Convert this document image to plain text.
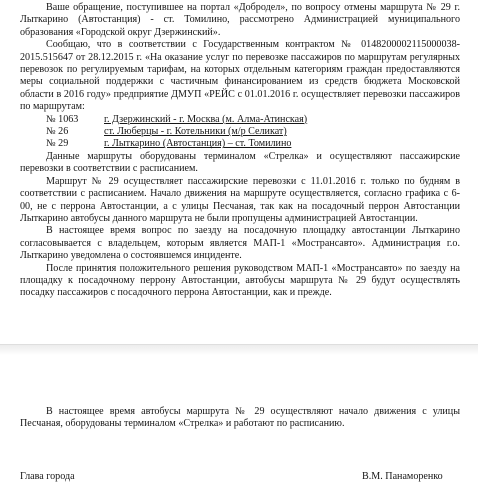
Ваше обращение, поступившее на портал «Добродел», по вопросу отмены маршрута № 29 г. Лыткарино (Автостанция) - ст. Томилино, рассмотрено Администрацией муниципального образования «Городской округ Дзержинский».

Сообщаю, что в соответствии с Государственным контрактом № 0148200002115000038-2015.515647 от 28.12.2015 г. «На оказание услуг по перевозке пассажиров по маршрутам регулярных перевозок по регулируемым тарифам, на которых отдельным категориям граждан предоставляются меры социальной поддержки с частичным финансированием из средств бюджета Московской области в 2016 году» предприятие ДМУП «РЕЙС с 01.01.2016 г. осуществляет перевозки пассажиров по маршрутам:

№ 1063	г. Дзержинский - г. Москва (м. Алма-Атинская)
№ 26	ст. Люберцы - г. Котельники (м/р Селикат)
№ 29	г. Лыткарино (Автостанция) – ст. Томилино

Данные маршруты оборудованы терминалом «Стрелка» и осуществляют пассажирские перевозки в соответствии с расписанием.

Маршрут № 29 осуществляет пассажирские перевозки с 11.01.2016 г. только по будням в соответствии с расписанием. Начало движения на маршруте осуществляется, согласно графика с 6-00, не с перрона Автостанции, а с улицы Песчаная, так как на посадочный перрон Автостанции Лыткарино автобусы данного маршрута не были пропущены администрацией Автостанции.

В настоящее время вопрос по заезду на посадочную площадку автостанции Лыткарино согласовывается с владельцем, которым является МАП-1 «Мострансавто». Администрация г.о. Лыткарино уведомлена о состоявшемся инциденте.

После принятия положительного решения руководством МАП-1 «Мострансавто» по заезду на площадку к посадочному перрону Автостанции, автобусы маршрута № 29 будут осуществлять посадку пассажиров с посадочного перрона Автостанции, как и прежде.

В настоящее время автобусы маршрута № 29 осуществляют начало движения с улицы Песчаная, оборудованы терминалом «Стрелка» и работают по расписанию.

Глава города	В.М. Панаморенко
